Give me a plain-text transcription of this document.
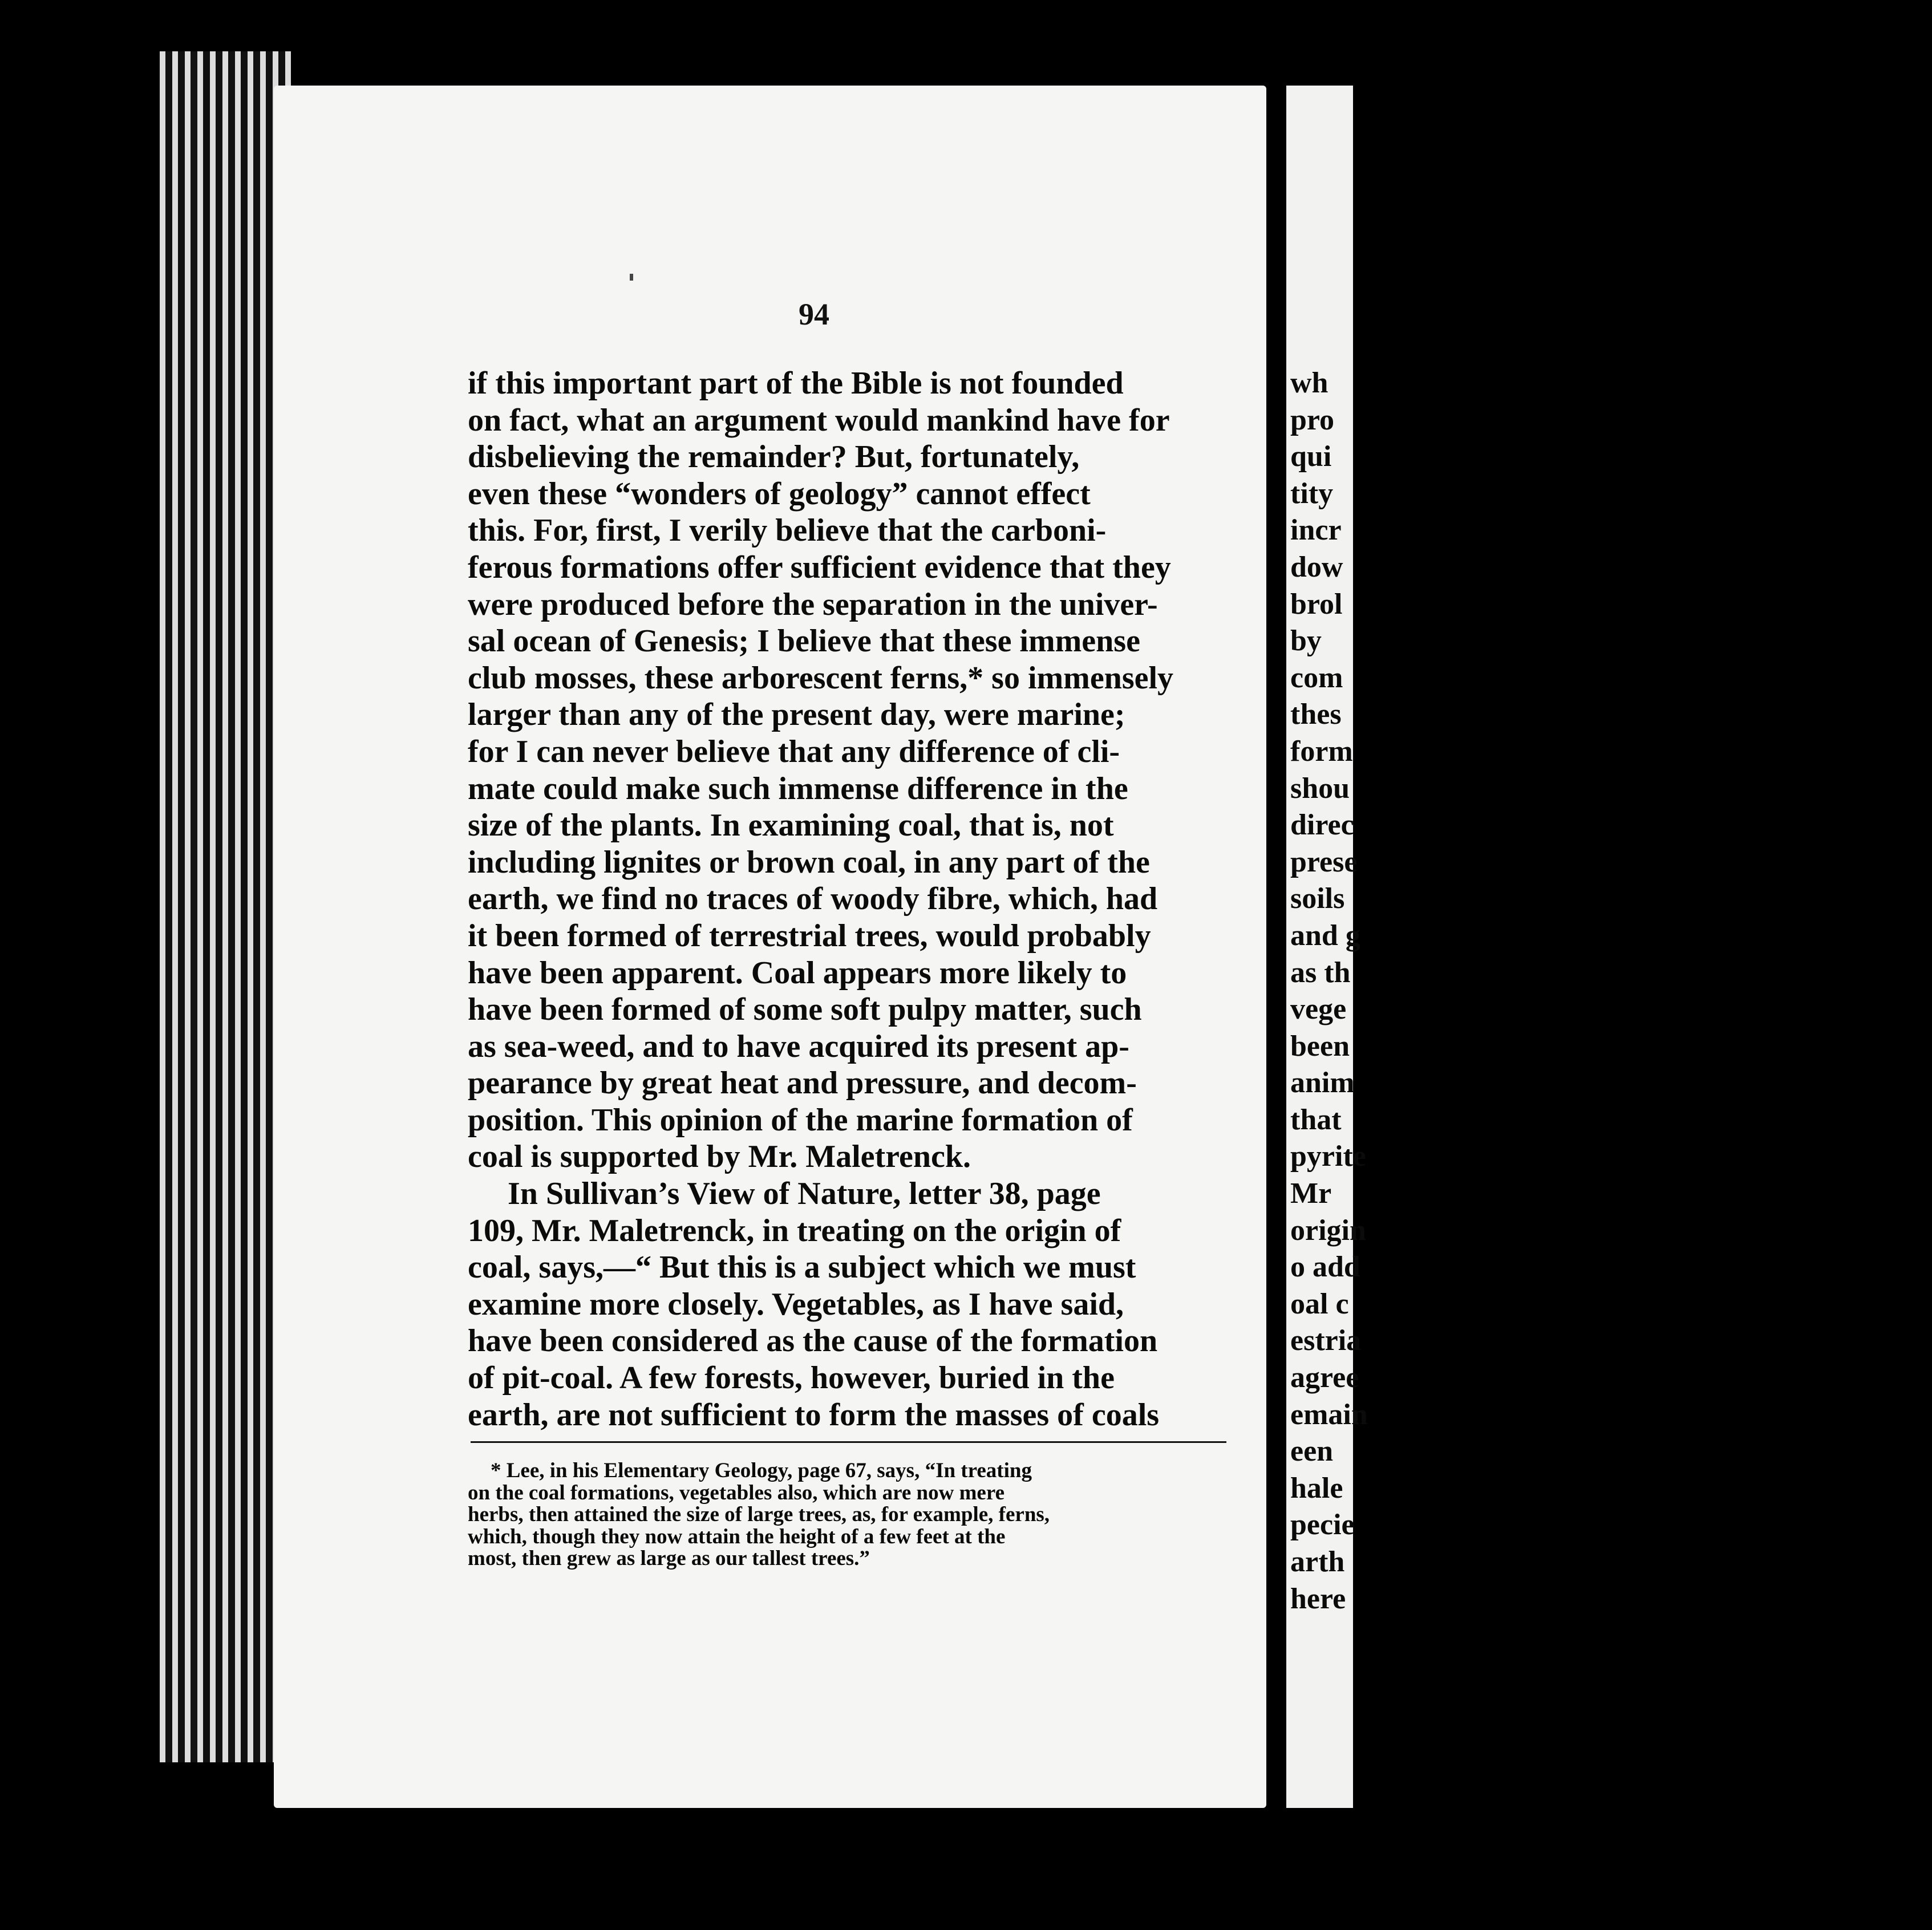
94
if this important part of the Bible is not founded
on fact, what an argument would mankind have for
disbelieving the remainder? But, fortunately,
even these “wonders of geology” cannot effect
this. For, first, I verily believe that the carboni-
ferous formations offer sufficient evidence that they
were produced before the separation in the univer-
sal ocean of Genesis; I believe that these immense
club mosses, these arborescent ferns,* so immensely
larger than any of the present day, were marine;
for I can never believe that any difference of cli-
mate could make such immense difference in the
size of the plants. In examining coal, that is, not
including lignites or brown coal, in any part of the
earth, we find no traces of woody fibre, which, had
it been formed of terrestrial trees, would probably
have been apparent. Coal appears more likely to
have been formed of some soft pulpy matter, such
as sea-weed, and to have acquired its present ap-
pearance by great heat and pressure, and decom-
position. This opinion of the marine formation of
coal is supported by Mr. Maletrenck.
In Sullivan’s View of Nature, letter 38, page
109, Mr. Maletrenck, in treating on the origin of
coal, says,—“ But this is a subject which we must
examine more closely. Vegetables, as I have said,
have been considered as the cause of the formation
of pit-coal. A few forests, however, buried in the
earth, are not sufficient to form the masses of coals
* Lee, in his Elementary Geology, page 67, says, “In treating
on the coal formations, vegetables also, which are now mere
herbs, then attained the size of large trees, as, for example, ferns,
which, though they now attain the height of a few feet at the
most, then grew as large as our tallest trees.”
wh
pro
qui
tity
incr
dow
brol
by
com
thes
form
shou
direc
prese
soils
and g
as th
vege
been
anim
that
pyrite
Mr
origin
o add
oal c
estria
agree
emain
een
hale
pecie
arth
here
